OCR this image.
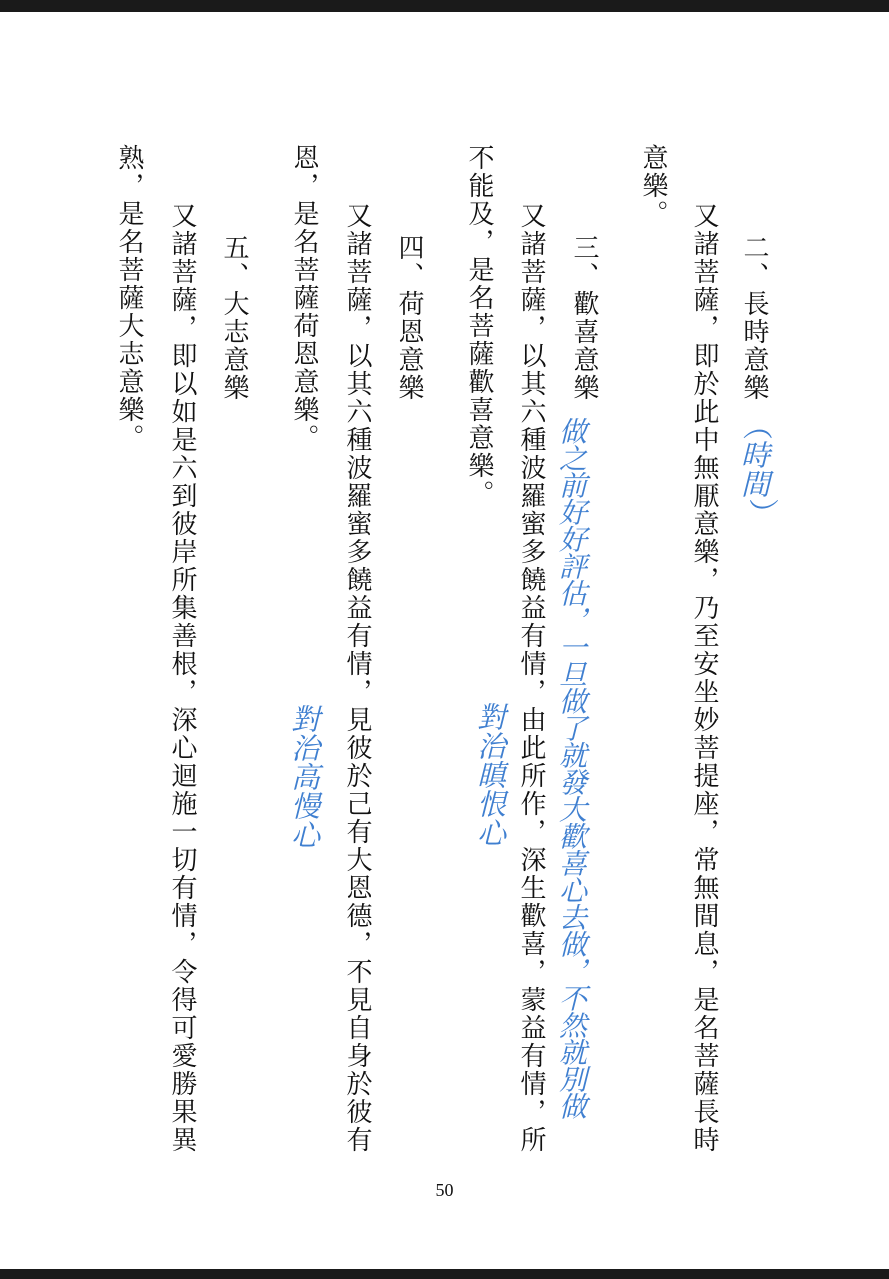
二、長時意樂
又諸菩薩，即於此中無厭意樂，乃至安坐妙菩提座，常無間息，是名菩薩長時
意樂。
三、歡喜意樂
又諸菩薩，以其六種波羅蜜多饒益有情，由此所作，深生歡喜，蒙益有情，所
不能及，是名菩薩歡喜意樂。
四、荷恩意樂
又諸菩薩，以其六種波羅蜜多饒益有情，見彼於己有大恩德，不見自身於彼有
恩，是名菩薩荷恩意樂。
五、大志意樂
又諸菩薩，即以如是六到彼岸所集善根，深心迴施一切有情，令得可愛勝果異
熟，是名菩薩大志意樂。	︵時間︶
做之前好好評估，一旦做了就發大歡喜心去做，不然就別做
對治瞋恨心
對治高慢心
50
